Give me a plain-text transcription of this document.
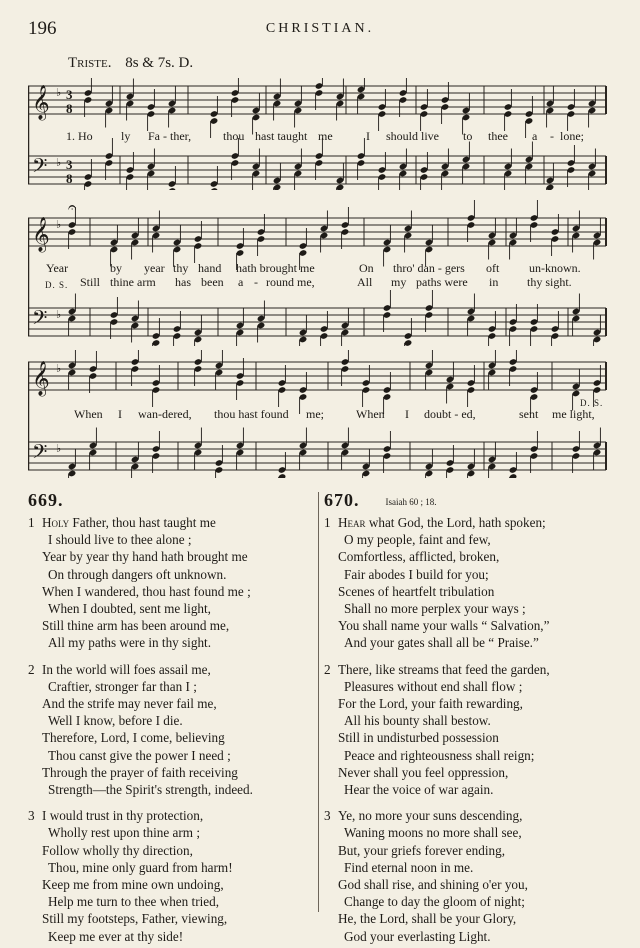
196	CHRISTIAN.
Triste. 8s & 7s. D.
𝄞 ♭ 3
8
𝄢 ♭ 3
8
1. Ho ly Fa - ther,	thou hast taught me	I should live to thee a - lone;
𝄞 ♭
𝄢 ♭
𝄐
Year	by year thy hand hath brought me	On thro' dan - gers oft un-known.
D. S. Still thine arm has been a - round me,	All my paths were in thy sight.
𝄞 ♭
𝄢 ♭
D. S.
When I wan-dered, thou hast found me;	When I doubt - ed,	sent me light,
669.
1 Holy Father, thou hast taught me
I should live to thee alone ;
Year by year thy hand hath brought me
On through dangers oft unknown.
When I wandered, thou hast found me ;
When I doubted, sent me light,
Still thine arm has been around me,
All my paths were in thy sight.
2 In the world will foes assail me,
Craftier, stronger far than I ;
And the strife may never fail me,
Well I know, before I die.
Therefore, Lord, I come, believing
Thou canst give the power I need ;
Through the prayer of faith receiving
Strength—the Spirit's strength, indeed.
3 I would trust in thy protection,
Wholly rest upon thine arm ;
Follow wholly thy direction,
Thou, mine only guard from harm!
Keep me from mine own undoing,
Help me turn to thee when tried,
Still my footsteps, Father, viewing,
Keep me ever at thy side!
670.	Isaiah 60 ; 18.
1 Hear what God, the Lord, hath spoken;
O my people, faint and few,
Comfortless, afflicted, broken,
Fair abodes I build for you;
Scenes of heartfelt tribulation
Shall no more perplex your ways ;
You shall name your walls “ Salvation,”
And your gates shall all be “ Praise.”
2 There, like streams that feed the garden,
Pleasures without end shall flow ;
For the Lord, your faith rewarding,
All his bounty shall bestow.
Still in undisturbed possession
Peace and righteousness shall reign;
Never shall you feel oppression,
Hear the voice of war again.
3 Ye, no more your suns descending,
Waning moons no more shall see,
But, your griefs forever ending,
Find eternal noon in me.
God shall rise, and shining o'er you,
Change to day the gloom of night;
He, the Lord, shall be your Glory,
God your everlasting Light.
